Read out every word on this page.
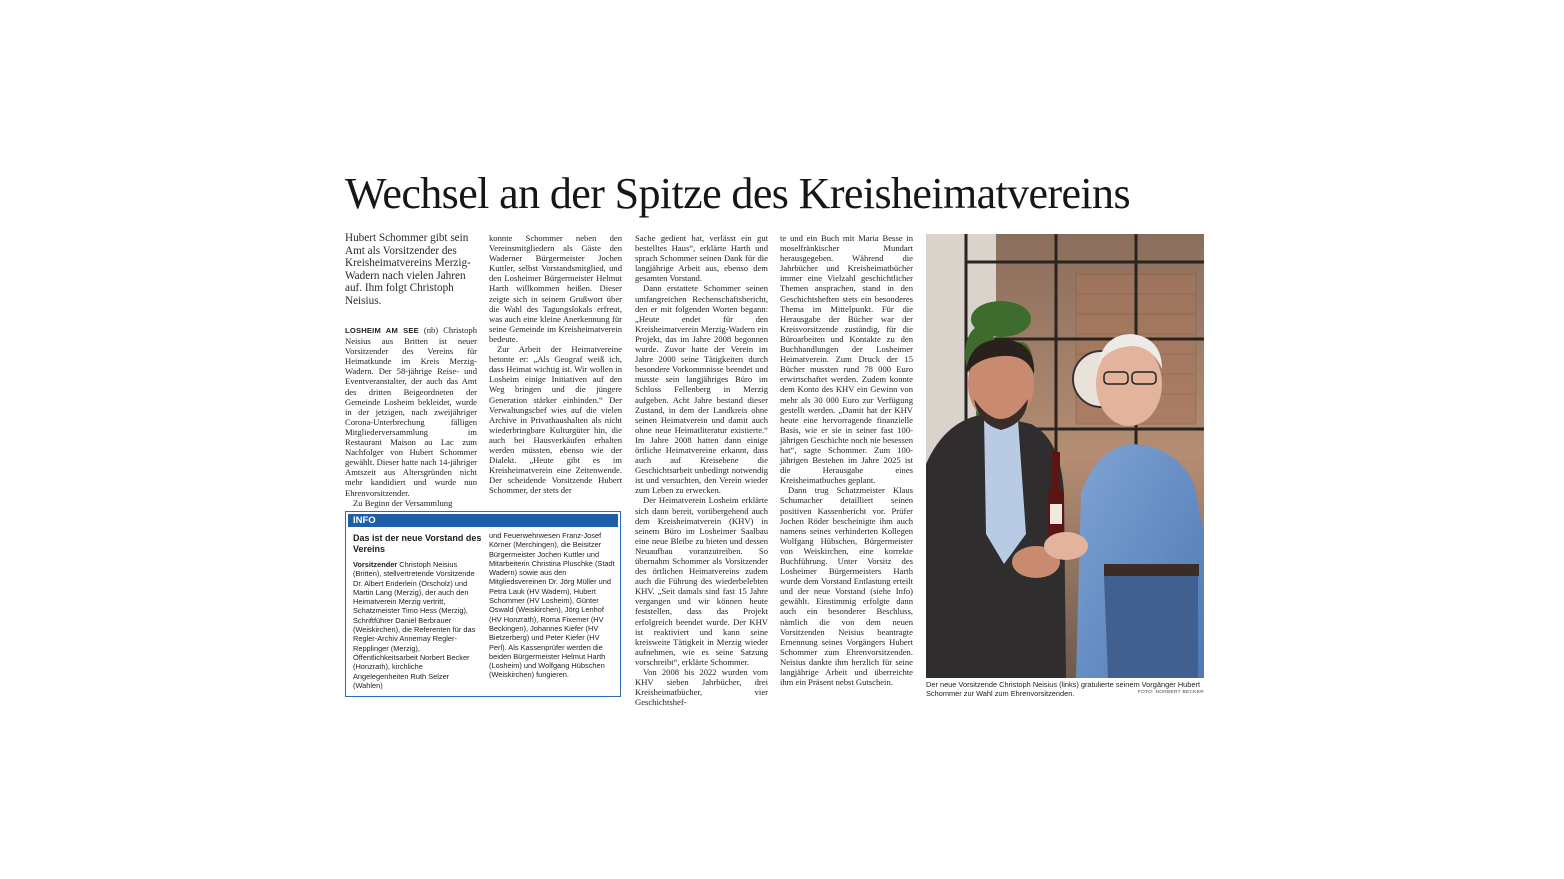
Wechsel an der Spitze des Kreisheimatvereins
Hubert Schommer gibt sein Amt als Vorsitzender des Kreisheimatvereins Merzig-Wadern nach vielen Jahren auf. Ihm folgt Christoph Neisius.

LOSHEIM AM SEE (nb) Christoph Neisius aus Britten ist neuer Vorsitzender des Vereins für Heimatkunde im Kreis Merzig-Wadern. Der 58-jährige Reise- und Eventveranstalter, der auch das Amt des dritten Beigeordneten der Gemeinde Losheim bekleidet, wurde in der jetzigen, nach zweijähriger Corona-Unterbrechung fälligen Mitgliederversammlung im Restaurant Maison au Lac zum Nachfolger von Hubert Schommer gewählt. Dieser hatte nach 14-jähriger Amtszeit aus Altersgründen nicht mehr kandidiert und wurde nun Ehrenvorsitzender.

Zu Beginn der Versammlung

konnte Schommer neben den Vereinsmitgliedern als Gäste den Waderner Bürgermeister Jochen Kuttler, selbst Vorstandsmitglied, und den Losheimer Bürgermeister Helmut Harth willkommen heißen. Dieser zeigte sich in seinem Grußwort über die Wahl des Tagungslokals erfreut, was auch eine kleine Anerkennung für seine Gemeinde im Kreisheimatverein bedeute.

Zur Arbeit der Heimatvereine betonte er: „Als Geograf weiß ich, dass Heimat wichtig ist. Wir wollen in Losheim einige Initiativen auf den Weg bringen und die jüngere Generation stärker einbinden.“ Der Verwaltungschef wies auf die vielen Archive in Privathaushalten als nicht wiederbringbare Kulturgüter hin, die auch bei Hausverkäufen erhalten werden müssten, ebenso wie der Dialekt. „Heute gibt es im Kreisheimatverein eine Zeitenwende. Der scheidende Vorsitzende Hubert Schommer, der stets der

Sache gedient hat, verlässt ein gut bestelltes Haus“, erklärte Harth und sprach Schommer seinen Dank für die langjährige Arbeit aus, ebenso dem gesamten Vorstand.

Dann erstattete Schommer seinen umfangreichen Rechenschaftsbericht, den er mit folgenden Worten begann: „Heute endet für den Kreisheimatverein Merzig-Wadern ein Projekt, das im Jahre 2008 begonnen wurde. Zuvor hatte der Verein im Jahre 2000 seine Tätigkeiten durch besondere Vorkommnisse beendet und musste sein langjähriges Büro im Schloss Fellenberg in Merzig aufgeben. Acht Jahre bestand dieser Zustand, in dem der Landkreis ohne seinen Heimatverein und damit auch ohne neue Heimatliteratur existierte.“ Im Jahre 2008 hatten dann einige örtliche Heimatvereine erkannt, dass auch auf Kreisebene die Geschichtsarbeit unbedingt notwendig ist und versuchten, den Verein wieder zum Leben zu erwecken.

Der Heimatverein Losheim erklärte sich dann bereit, vorübergehend auch dem Kreisheimatverein (KHV) in seinem Büro im Losheimer Saalbau eine neue Bleibe zu bieten und dessen Neuaufbau voranzutreiben. So übernahm Schommer als Vorsitzender des örtlichen Heimatvereins zudem auch die Führung des wiederbelebten KHV. „Seit damals sind fast 15 Jahre vergangen und wir können heute feststellen, dass das Projekt erfolgreich beendet wurde. Der KHV ist reaktiviert und kann seine kreisweite Tätigkeit in Merzig wieder aufnehmen, wie es seine Satzung vorschreibt“, erklärte Schommer.

Von 2008 bis 2022 wurden vom KHV sieben Jahrbücher, drei Kreisheimatbücher, vier Geschichtshef-

te und ein Buch mit Maria Besse in moselfränkischer Mundart herausgegeben. Während die Jahrbücher und Kreisheimatbücher immer eine Vielzahl geschichtlicher Themen ansprachen, stand in den Geschichtsheften stets ein besonderes Thema im Mittelpunkt. Für die Herausgabe der Bücher war der Kreisvorsitzende zuständig, für die Büroarbeiten und Kontakte zu den Buchhandlungen der Losheimer Heimatverein. Zum Druck der 15 Bücher mussten rund 78 000 Euro erwirtschaftet werden. Zudem konnte dem Konto des KHV ein Gewinn von mehr als 30 000 Euro zur Verfügung gestellt werden. „Damit hat der KHV heute eine hervorragende finanzielle Basis, wie er sie in seiner fast 100-jährigen Geschichte noch nie besessen hat“, sagte Schommer. Zum 100-jährigen Bestehen im Jahre 2025 ist die Herausgabe eines Kreisheimatbuches geplant.

Dann trug Schatzmeister Klaus Schumacher detailliert seinen positiven Kassenbericht vor. Prüfer Jochen Röder bescheinigte ihm auch namens seines verhinderten Kollegen Wolfgang Hübschen, Bürgermeister von Weiskirchen, eine korrekte Buchführung. Unter Vorsitz des Losheimer Bürgermeisters Harth wurde dem Vorstand Entlastung erteilt und der neue Vorstand (siehe Info) gewählt. Einstimmig erfolgte dann auch ein besonderer Beschluss, nämlich die von dem neuen Vorsitzenden Neisius beantragte Ernennung seines Vorgängers Hubert Schommer zum Ehrenvorsitzenden. Neisius dankte ihm herzlich für seine langjährige Arbeit und überreichte ihm ein Präsent nebst Gutschein.

INFO
Das ist der neue Vorstand des Vereins
Vorsitzender Christoph Neisius (Britten), stellvertretende Vorsitzende Dr. Albert Enderlein (Orscholz) und Martin Lang (Merzig), der auch den Heimatverein Merzig vertritt, Schatzmeister Timo Hess (Merzig), Schriftführer Daniel Berbrauer (Weiskirchen), die Referenten für das Regler-Archiv Annemay Regler-Repplinger (Merzig), Öffentlichkeitsarbeit Norbert Becker (Honzrath), kirchliche Angelegenheiten Ruth Selzer (Wahlen)
und Feuerwehrwesen Franz-Josef Körner (Merchingen), die Beisitzer Bürgermeister Jochen Kuttler und Mitarbeiterin Christina Pluschke (Stadt Wadern) sowie aus den Mitgliedsvereinen Dr. Jörg Müller und Petra Lauk (HV Wadern), Hubert Schommer (HV Losheim), Günter Oswald (Weiskirchen), Jörg Lenhof (HV Honzrath), Roma Fixemer (HV Beckingen), Johannes Kiefer (HV Bietzerberg) und Peter Kiefer (HV Perl). Als Kassenprüfer werden die beiden Bürgermeister Helmut Harth (Losheim) und Wolfgang Hübschen (Weiskirchen) fungieren.
Der neue Vorsitzende Christoph Neisius (links) gratulierte seinem Vorgänger Hubert Schommer zur Wahl zum Ehrenvorsitzenden.	FOTO: NORBERT BECKER
